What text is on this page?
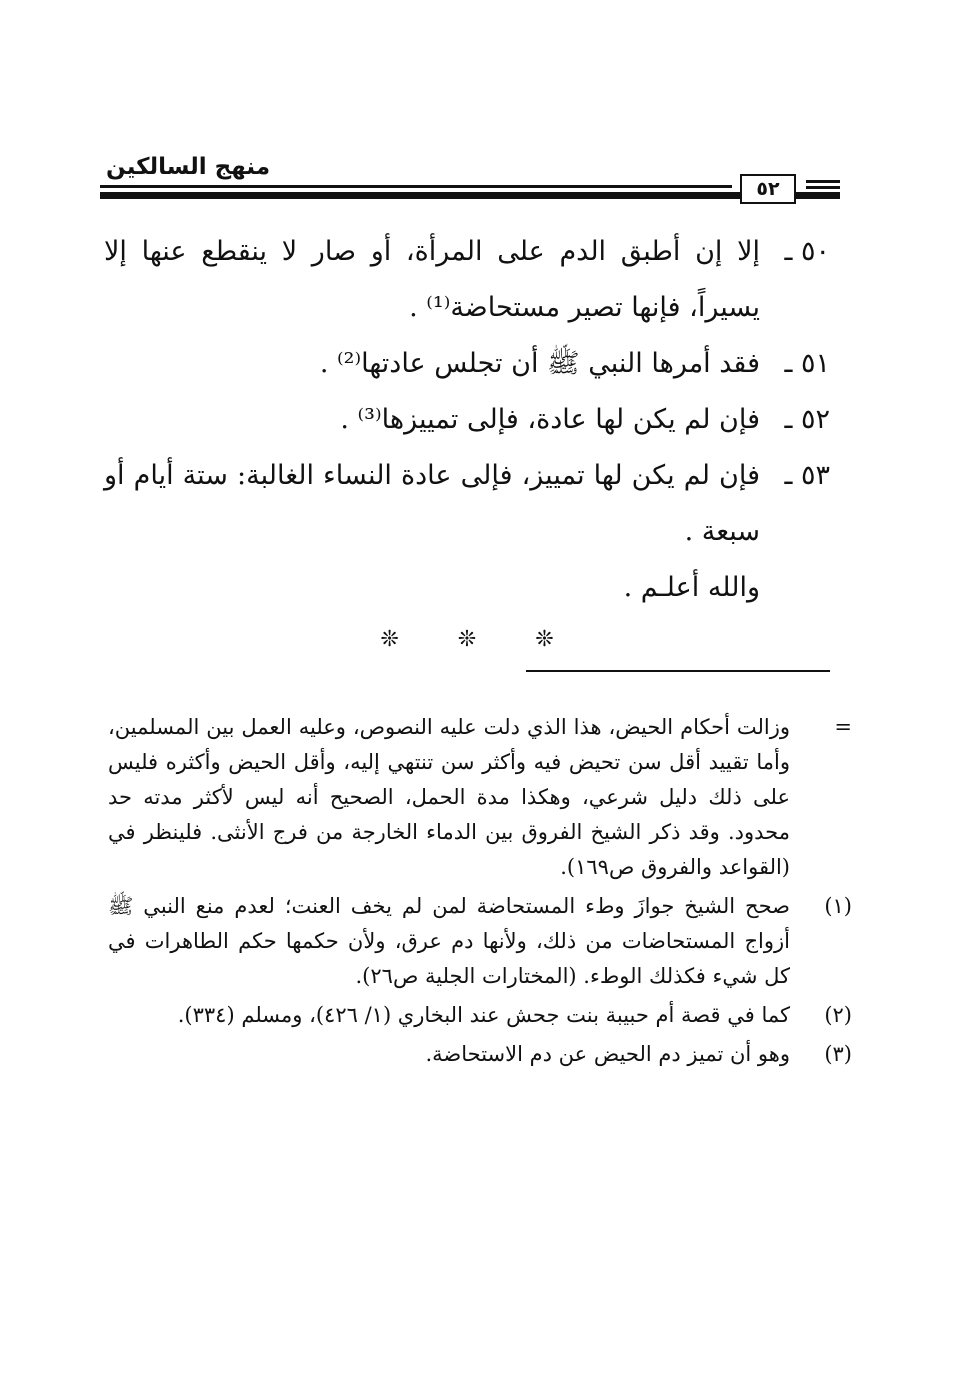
منهج السالكين
٥٢
٥٠ ـ
إلا إن أطبق الدم على المرأة، أو صار لا ينقطع عنها إلا يسيراً، فإنها تصير مستحاضة⁽¹⁾ .
٥١ ـ
فقد أمرها النبي ﷺ أن تجلس عادتها⁽²⁾ .
٥٢ ـ
فإن لم يكن لها عادة، فإلى تمييزها⁽³⁾ .
٥٣ ـ
فإن لم يكن لها تمييز، فإلى عادة النساء الغالبة: ستة أيام أو سبعة .
والله أعلـم .
❊ ❊ ❊
=
وزالت أحكام الحيض، هذا الذي دلت عليه النصوص، وعليه العمل بين المسلمين، وأما تقييد أقل سن تحيض فيه وأكثر سن تنتهي إليه، وأقل الحيض وأكثره فليس على ذلك دليل شرعي، وهكذا مدة الحمل، الصحيح أنه ليس لأكثر مدته حد محدود. وقد ذكر الشيخ الفروق بين الدماء الخارجة من فرج الأنثى. فلينظر في (القواعد والفروق ص١٦٩).
(١)
صحح الشيخ جوازَ وطء المستحاضة لمن لم يخف العنت؛ لعدم منع النبي ﷺ أزواج المستحاضات من ذلك، ولأنها دم عرق، ولأن حكمها حكم الطاهرات في كل شيء فكذلك الوطء. (المختارات الجلية ص٢٦).
(٢)
كما في قصة أم حبيبة بنت جحش عند البخاري (١/ ٤٢٦)، ومسلم (٣٣٤).
(٣)
وهو أن تميز دم الحيض عن دم الاستحاضة.
